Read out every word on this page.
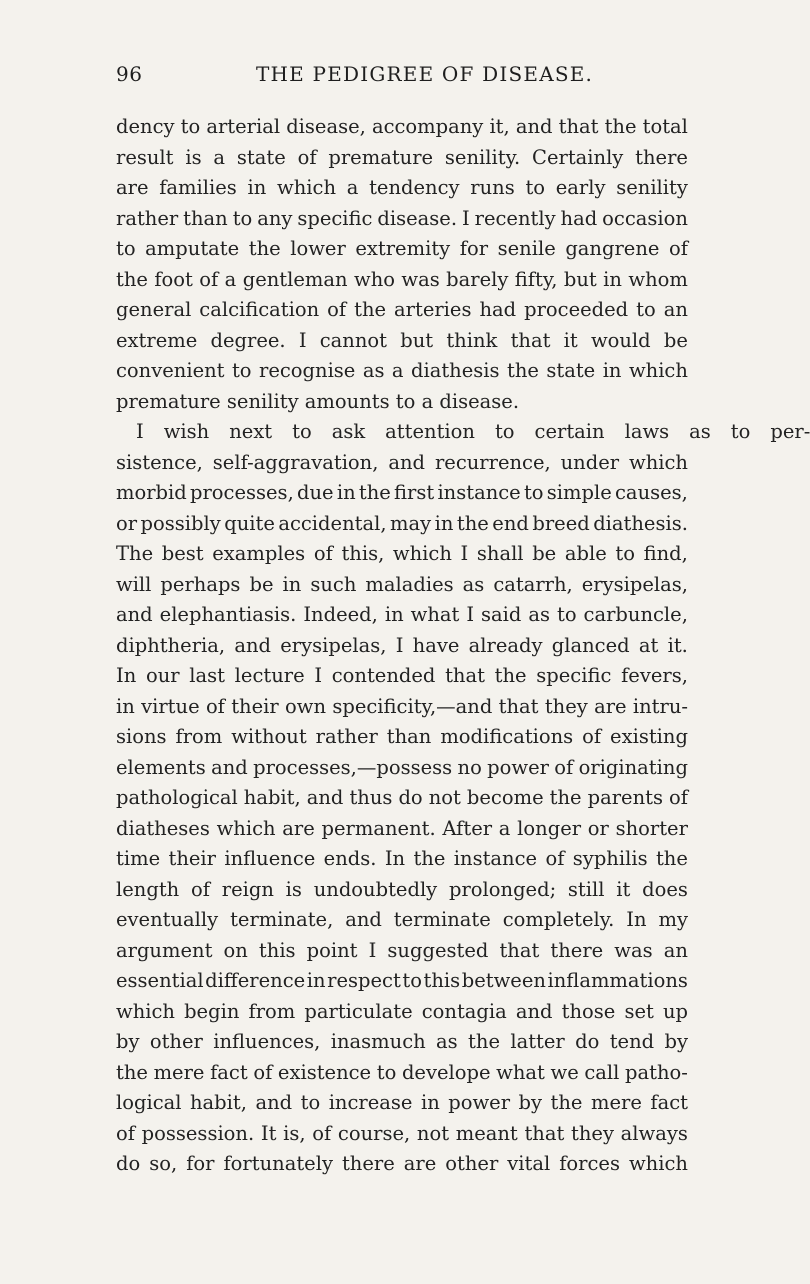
96	THE PEDIGREE OF DISEASE.
dency to arterial disease, accompany it, and that the total
result is a state of premature senility. Certainly there
are families in which a tendency runs to early senility
rather than to any specific disease. I recently had occasion
to amputate the lower extremity for senile gangrene of
the foot of a gentleman who was barely fifty, but in whom
general calcification of the arteries had proceeded to an
extreme degree. I cannot but think that it would be
convenient to recognise as a diathesis the state in which
premature senility amounts to a disease.
I	wish	next	to	ask	attention	to	certain	laws	as	to	per-
sistence, self-aggravation, and recurrence, under which
morbid processes, due in the first instance to simple causes,
or possibly quite accidental, may in the end breed diathesis.
The best examples of this, which I shall be able to find,
will perhaps be in such maladies as catarrh, erysipelas,
and elephantiasis. Indeed, in what I said as to carbuncle,
diphtheria, and erysipelas, I have already glanced at it.
In our last lecture I contended that the specific fevers,
in virtue of their own specificity,—and that they are intru-
sions from without rather than modifications of existing
elements and processes,—possess no power of originating
pathological habit, and thus do not become the parents of
diatheses which are permanent. After a longer or shorter
time their influence ends. In the instance of syphilis the
length of reign is undoubtedly prolonged; still it does
eventually terminate, and terminate completely. In my
argument on this point I suggested that there was an
essential difference in respect to this between inflammations
which begin from particulate contagia and those set up
by other influences, inasmuch as the latter do tend by
the mere fact of existence to develope what we call patho-
logical habit, and to increase in power by the mere fact
of possession. It is, of course, not meant that they always
do so, for fortunately there are other vital forces which
